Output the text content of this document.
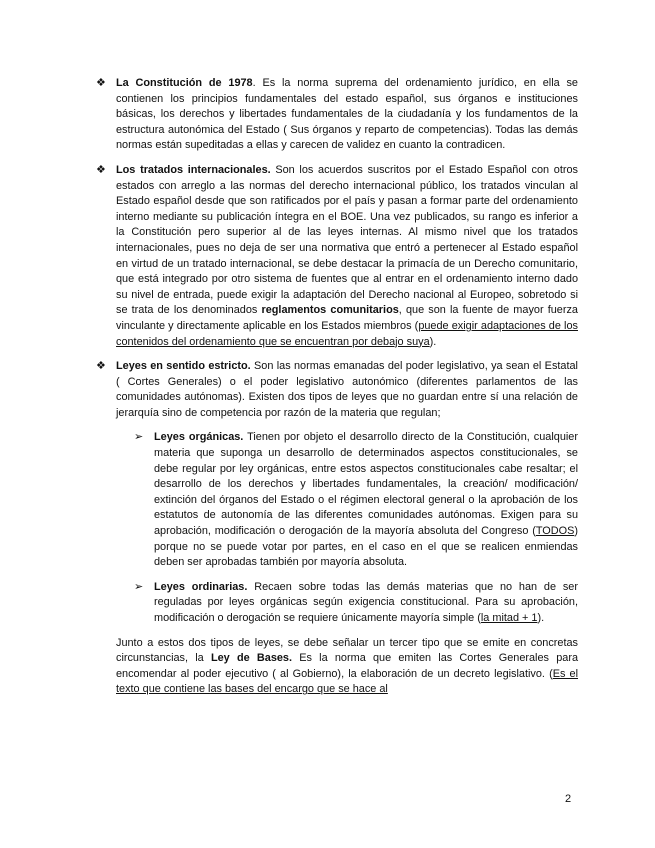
❖ La Constitución de 1978. Es la norma suprema del ordenamiento jurídico, en ella se contienen los principios fundamentales del estado español, sus órganos e instituciones básicas, los derechos y libertades fundamentales de la ciudadanía y los fundamentos de la estructura autonómica del Estado ( Sus órganos y reparto de competencias). Todas las demás normas están supeditadas a ellas y carecen de validez en cuanto la contradicen.

❖ Los tratados internacionales. Son los acuerdos suscritos por el Estado Español con otros estados con arreglo a las normas del derecho internacional público, los tratados vinculan al Estado español desde que son ratificados por el país y pasan a formar parte del ordenamiento interno mediante su publicación íntegra en el BOE. Una vez publicados, su rango es inferior a la Constitución pero superior al de las leyes internas. Al mismo nivel que los tratados internacionales, pues no deja de ser una normativa que entró a pertenecer al Estado español en virtud de un tratado internacional, se debe destacar la primacía de un Derecho comunitario, que está integrado por otro sistema de fuentes que al entrar en el ordenamiento interno dado su nivel de entrada, puede exigir la adaptación del Derecho nacional al Europeo, sobretodo si se trata de los denominados reglamentos comunitarios, que son la fuente de mayor fuerza vinculante y directamente aplicable en los Estados miembros (puede exigir adaptaciones de los contenidos del ordenamiento que se encuentran por debajo suya).

❖ Leyes en sentido estricto. Son las normas emanadas del poder legislativo, ya sean el Estatal ( Cortes Generales) o el poder legislativo autonómico (diferentes parlamentos de las comunidades autónomas). Existen dos tipos de leyes que no guardan entre sí una relación de jerarquía sino de competencia por razón de la materia que regulan;

➢ Leyes orgánicas. Tienen por objeto el desarrollo directo de la Constitución, cualquier materia que suponga un desarrollo de determinados aspectos constitucionales, se debe regular por ley orgánicas, entre estos aspectos constitucionales cabe resaltar; el desarrollo de los derechos y libertades fundamentales, la creación/ modificación/ extinción del órganos del Estado o el régimen electoral general o la aprobación de los estatutos de autonomía de las diferentes comunidades autónomas. Exigen para su aprobación, modificación o derogación de la mayoría absoluta del Congreso (TODOS) porque no se puede votar por partes, en el caso en el que se realicen enmiendas deben ser aprobadas también por mayoría absoluta.

➢ Leyes ordinarias. Recaen sobre todas las demás materias que no han de ser reguladas por leyes orgánicas según exigencia constitucional. Para su aprobación, modificación o derogación se requiere únicamente mayoría simple (la mitad + 1).

Junto a estos dos tipos de leyes, se debe señalar un tercer tipo que se emite en concretas circunstancias, la Ley de Bases. Es la norma que emiten las Cortes Generales para encomendar al poder ejecutivo ( al Gobierno), la elaboración de un decreto legislativo. (Es el texto que contiene las bases del encargo que se hace al

2
